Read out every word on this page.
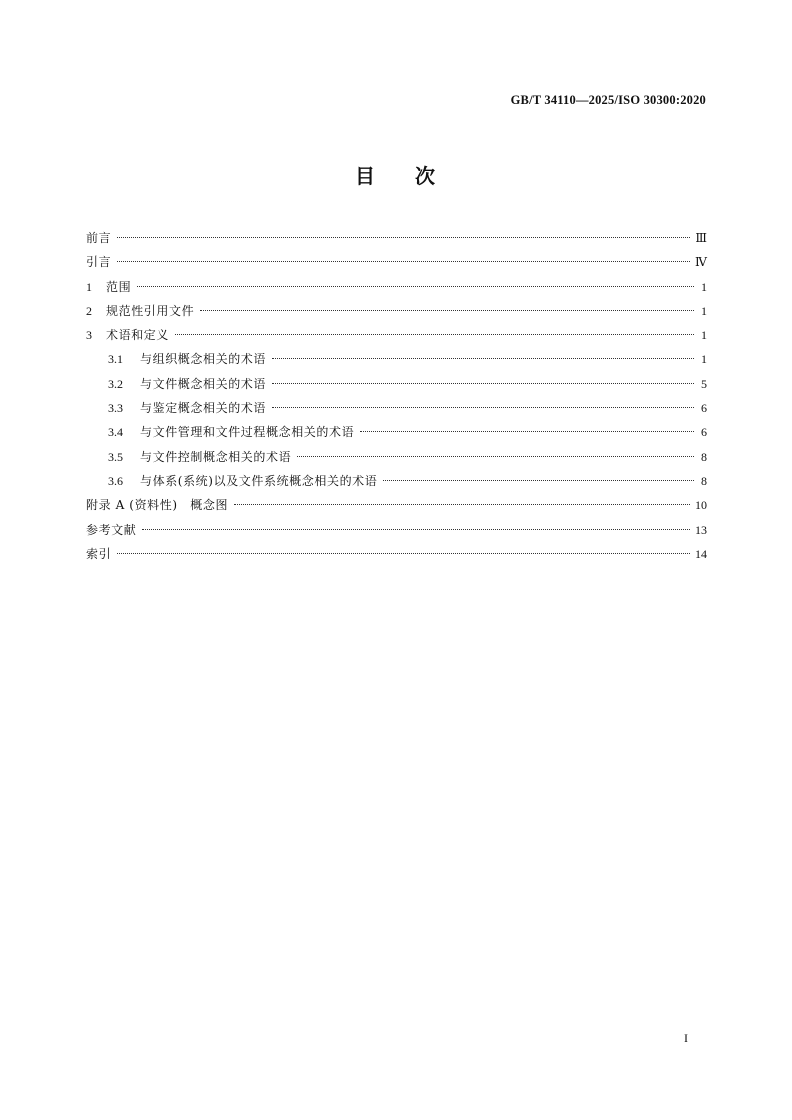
GB/T 34110—2025/ISO 30300:2020
目 次
前言	Ⅲ
引言	Ⅳ
1	范围	1
2	规范性引用文件	1
3	术语和定义	1
3.1	与组织概念相关的术语	1
3.2	与文件概念相关的术语	5
3.3	与鉴定概念相关的术语	6
3.4	与文件管理和文件过程概念相关的术语	6
3.5	与文件控制概念相关的术语	8
3.6	与体系(系统)以及文件系统概念相关的术语	8
附录 A (资料性)　概念图	10
参考文献	13
索引	14
I
